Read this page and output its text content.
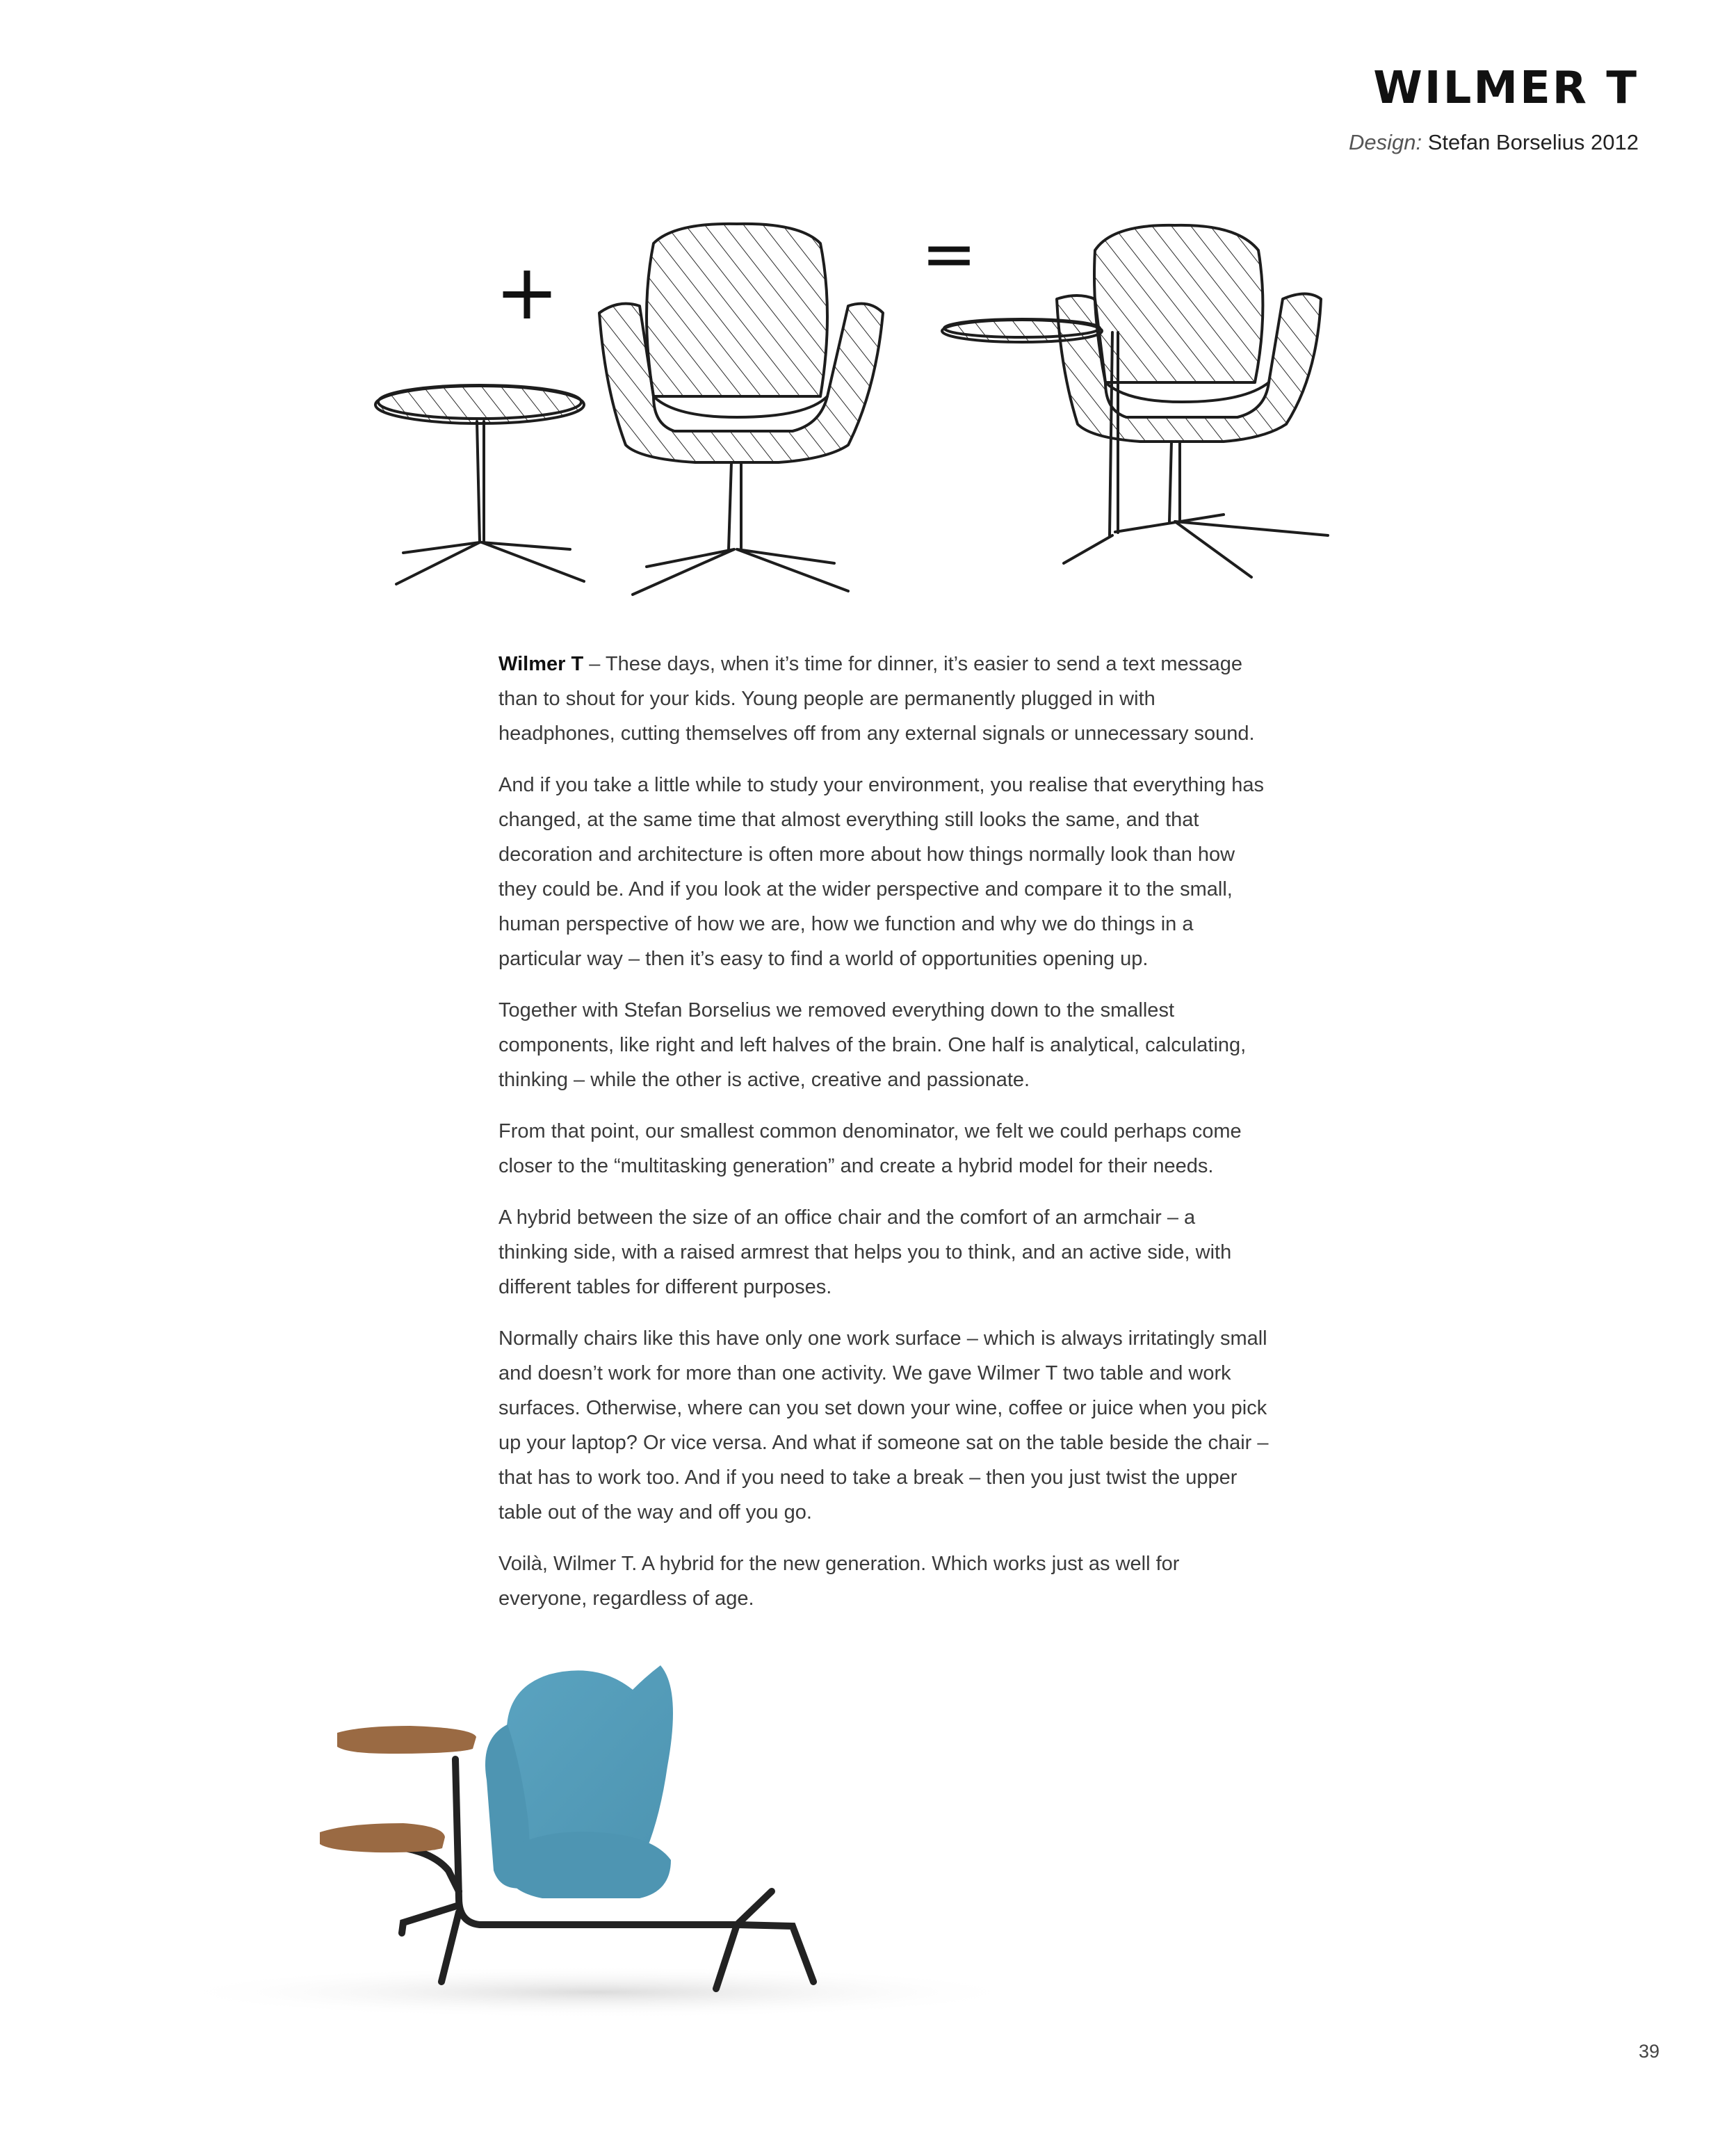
WILMER T
Design: Stefan Borselius 2012
+	=

Wilmer T – These days, when it’s time for dinner, it’s easier to send a text message than to shout for your kids. Young people are permanently plugged in with headphones, cutting themselves off from any external signals or unnecessary sound.

And if you take a little while to study your environment, you realise that everything has changed, at the same time that almost everything still looks the same, and that decoration and architecture is often more about how things normally look than how they could be. And if you look at the wider perspective and compare it to the small, human perspective of how we are, how we function and why we do things in a particular way – then it’s easy to find a world of opportunities opening up.

Together with Stefan Borselius we removed everything down to the smallest components, like right and left halves of the brain. One half is analytical, calculating, thinking – while the other is active, creative and passionate.

From that point, our smallest common denominator, we felt we could perhaps come closer to the “multitasking generation” and create a hybrid model for their needs.

A hybrid between the size of an office chair and the comfort of an armchair – a thinking side, with a raised armrest that helps you to think, and an active side, with different tables for different purposes.

Normally chairs like this have only one work surface – which is always irritatingly small and doesn’t work for more than one activity. We gave Wilmer T two table and work surfaces. Otherwise, where can you set down your wine, coffee or juice when you pick up your laptop? Or vice versa. And what if someone sat on the table beside the chair – that has to work too. And if you need to take a break – then you just twist the upper table out of the way and off you go.

Voilà, Wilmer T. A hybrid for the new generation. Which works just as well for everyone, regardless of age.

39
